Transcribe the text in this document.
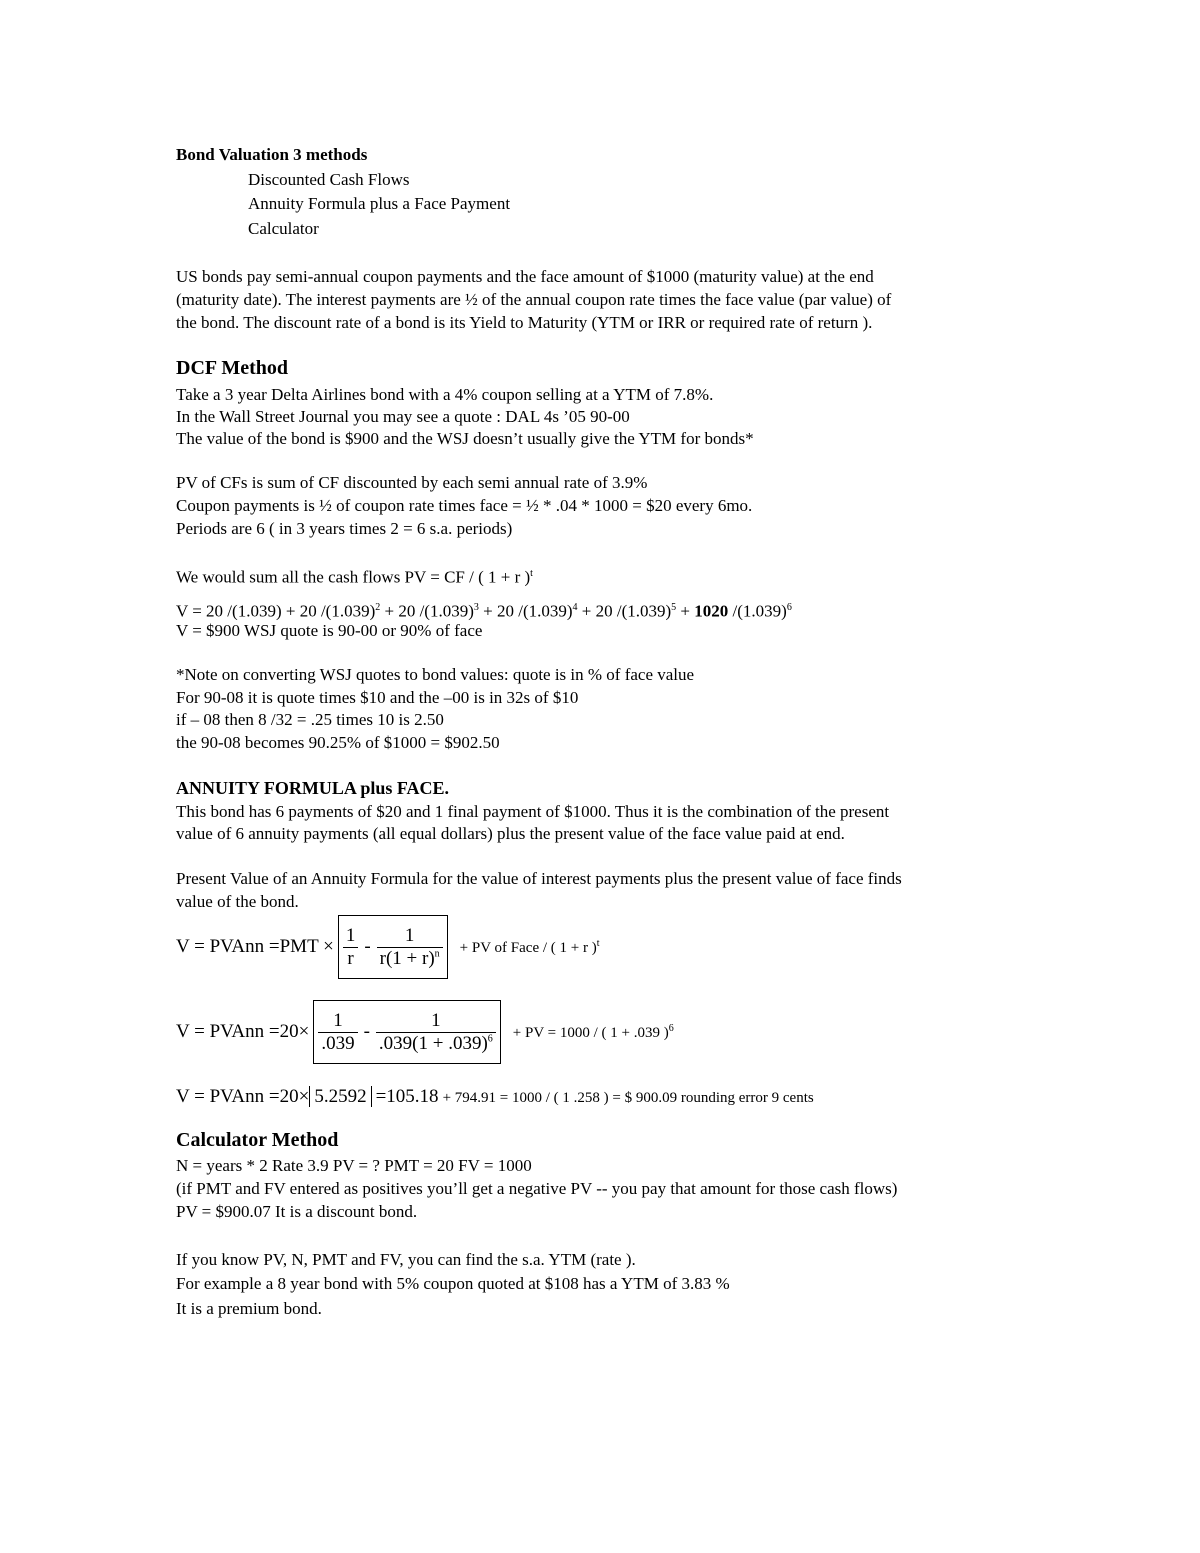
Bond Valuation 3 methods
Discounted Cash Flows
Annuity Formula plus a Face Payment
Calculator
US bonds pay semi-annual coupon payments and the face amount of $1000 (maturity value) at the end
(maturity date). The interest payments are ½ of the annual coupon rate times the face value (par value) of
the bond. The discount rate of a bond is its Yield to Maturity (YTM or IRR or required rate of return ).
DCF Method
Take a 3 year Delta Airlines bond with a 4% coupon selling at a YTM of 7.8%.
In the Wall Street Journal you may see a quote : DAL 4s ’05 90-00
The value of the bond is $900 and the WSJ doesn’t usually give the YTM for bonds*
PV of CFs is sum of CF discounted by each semi annual rate of 3.9%
Coupon payments is ½ of coupon rate times face = ½ * .04 * 1000 = $20 every 6mo.
Periods are 6 ( in 3 years times 2 = 6 s.a. periods)
We would sum all the cash flows PV = CF / ( 1 + r )$^t$
V = 20 /(1.039) + 20 $/(1.039)^2 + 20$ $/(1.039)^3 + 20$ $/(1.039)^4 + 20$ $/(1.039)^5 + 1020$ $/(1.039)^6$
V = $900 WSJ quote is 90-00 or 90% of face
*Note on converting WSJ quotes to bond values: quote is in % of face value
For 90-08 it is quote times $10 and the –00 is in 32s of $10
if – 08 then 8 /32 = .25 times 10 is 2.50
the 90-08 becomes 90.25% of $1000 = $902.50
ANNUITY FORMULA plus FACE.
This bond has 6 payments of $20 and 1 final payment of $1000. Thus it is the combination of the present
value of 6 annuity payments (all equal dollars) plus the present value of the face value paid at end.
Present Value of an Annuity Formula for the value of interest payments plus the present value of face finds
value of the bond.
V = PVAnn $=PMT \times \frac{1}{r} - \frac{1}{r(1 + r)^n}$ + PV of Face / ( 1 + r )$^t$
V = PVAnn $=20\times \frac{1}{.039} - \frac{1}{.039(1 + .039)^6}$ + PV = 1000 / ( 1 + .039 )$^6$
V = PVAnn =20× 5.2592 =105.18 + 794.91 = 1000 / ( 1 .258 ) = $ 900.09 rounding error 9 cents
Calculator Method
N = years * 2 Rate 3.9 PV = ? PMT = 20 FV = 1000
(if PMT and FV entered as positives you’ll get a negative PV -- you pay that amount for those cash flows)
PV = $900.07 It is a discount bond.
If you know PV, N, PMT and FV, you can find the s.a. YTM (rate ).
For example a 8 year bond with 5% coupon quoted at $108 has a YTM of 3.83 %
It is a premium bond.
